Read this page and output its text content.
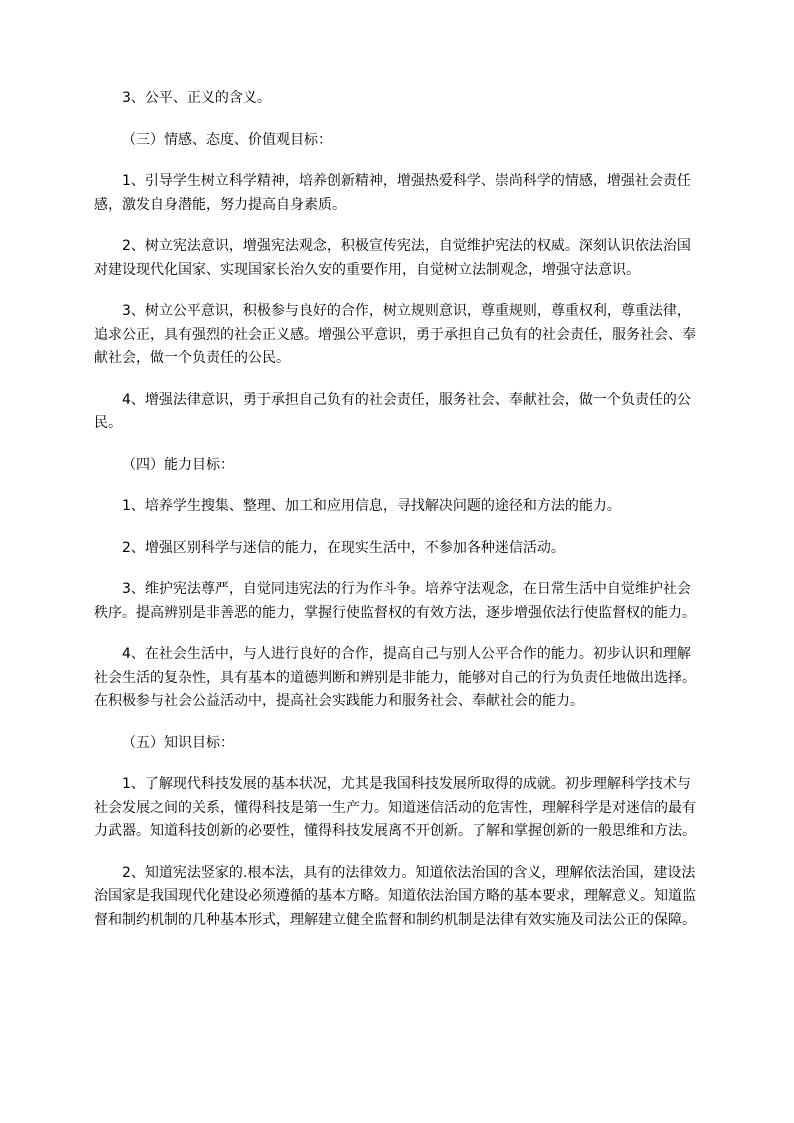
3、公平、正义的含义。

（三）情感、态度、价值观目标：

1、引导学生树立科学精神，培养创新精神，增强热爱科学、崇尚科学的情感，增强社会责任感，激发自身潜能，努力提高自身素质。

2、树立宪法意识，增强宪法观念，积极宣传宪法，自觉维护宪法的权威。深刻认识依法治国对建设现代化国家、实现国家长治久安的重要作用，自觉树立法制观念，增强守法意识。

3、树立公平意识，积极参与良好的合作，树立规则意识，尊重规则，尊重权利，尊重法律，追求公正，具有强烈的社会正义感。增强公平意识，勇于承担自己负有的社会责任，服务社会、奉献社会，做一个负责任的公民。

4、增强法律意识，勇于承担自己负有的社会责任，服务社会、奉献社会，做一个负责任的公民。

（四）能力目标：

1、培养学生搜集、整理、加工和应用信息，寻找解决问题的途径和方法的能力。

2、增强区别科学与迷信的能力，在现实生活中，不参加各种迷信活动。

3、维护宪法尊严，自觉同违宪法的行为作斗争。培养守法观念，在日常生活中自觉维护社会秩序。提高辨别是非善恶的能力，掌握行使监督权的有效方法，逐步增强依法行使监督权的能力。

4、在社会生活中，与人进行良好的合作，提高自己与别人公平合作的能力。初步认识和理解社会生活的复杂性，具有基本的道德判断和辨别是非能力，能够对自己的行为负责任地做出选择。在积极参与社会公益活动中，提高社会实践能力和服务社会、奉献社会的能力。

（五）知识目标：

1、了解现代科技发展的基本状况，尤其是我国科技发展所取得的成就。初步理解科学技术与社会发展之间的关系，懂得科技是第一生产力。知道迷信活动的危害性，理解科学是对迷信的最有力武器。知道科技创新的必要性，懂得科技发展离不开创新。了解和掌握创新的一般思维和方法。

2、知道宪法竖家的.根本法，具有的法律效力。知道依法治国的含义，理解依法治国，建设法治国家是我国现代化建设必须遵循的基本方略。知道依法治国方略的基本要求，理解意义。知道监督和制约机制的几种基本形式，理解建立健全监督和制约机制是法律有效实施及司法公正的保障。
